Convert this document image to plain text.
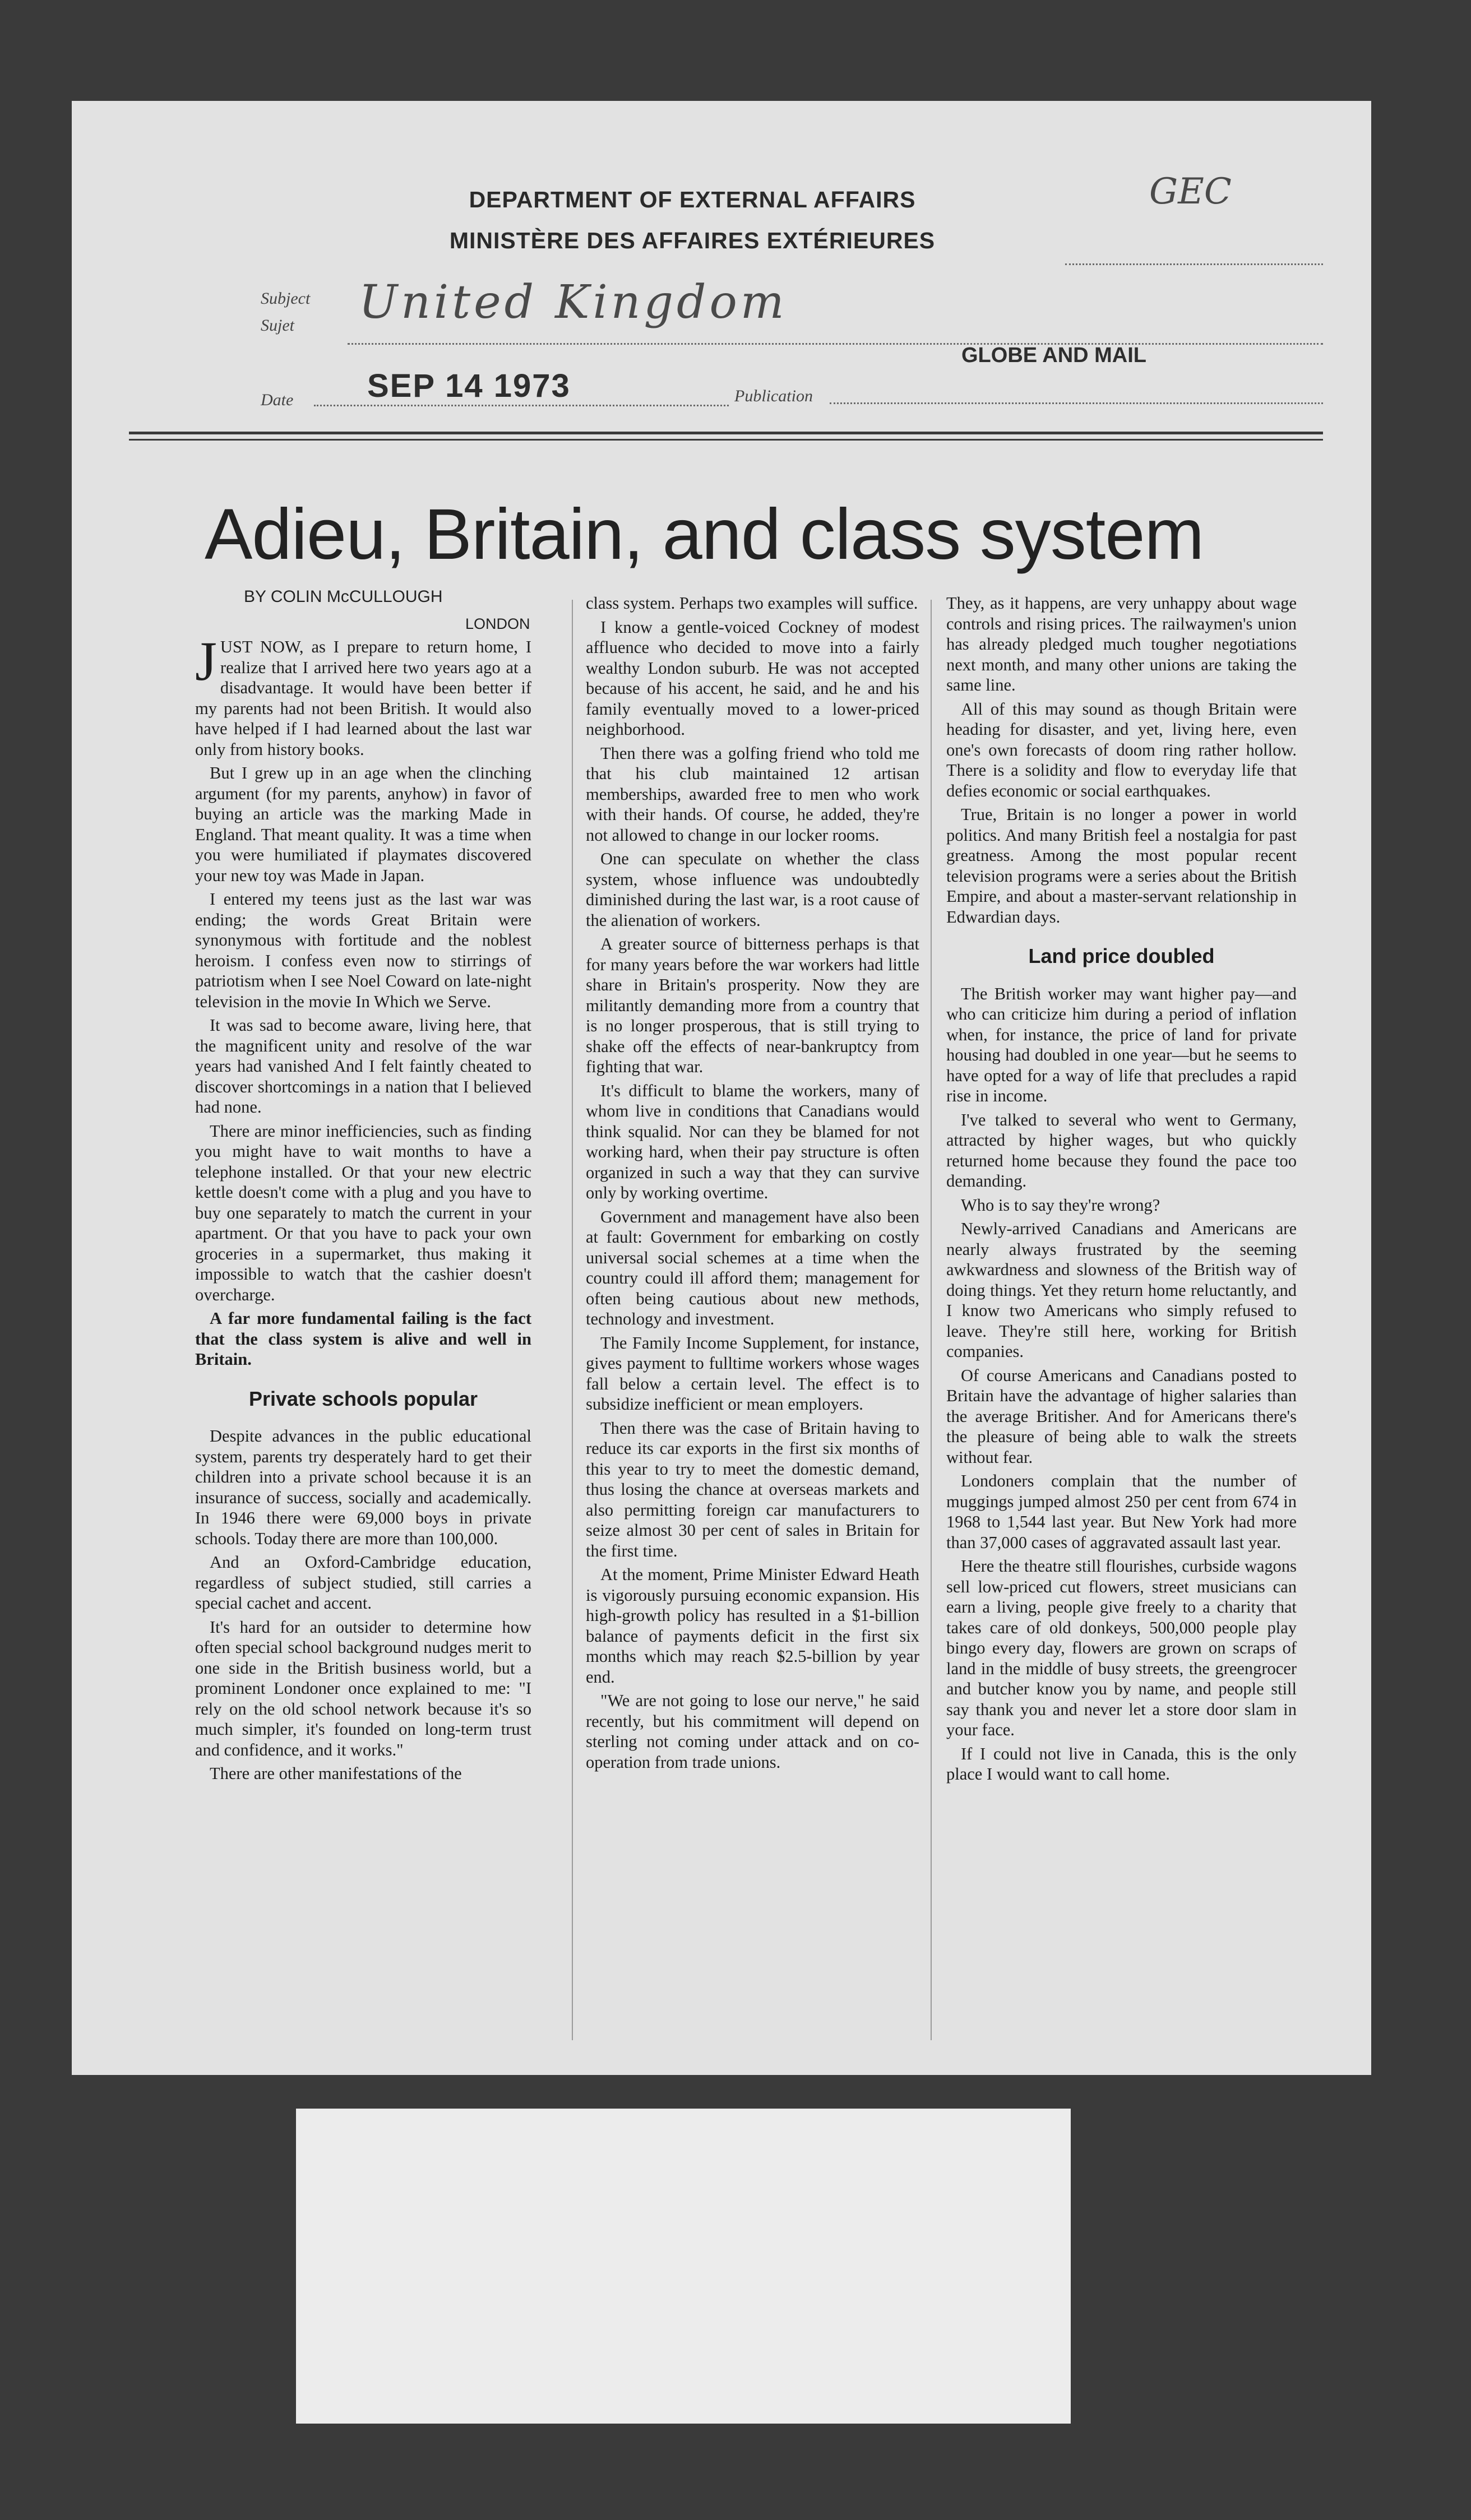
DEPARTMENT OF EXTERNAL AFFAIRS
MINISTÈRE DES AFFAIRES EXTÉRIEURES
GEC
Subject
Sujet United Kingdom
Date SEP 14 1973	Publication
GLOBE AND MAIL
Adieu, Britain, and class system
BY COLIN McCULLOUGH
LONDON

JUST NOW, as I prepare to return home, I realize that I arrived here two years ago at a disadvantage. It would have been better if my parents had not been British. It would also have helped if I had learned about the last war only from history books.

But I grew up in an age when the clinching argument (for my parents, anyhow) in favor of buying an article was the marking Made in England. That meant quality. It was a time when you were humiliated if playmates discovered your new toy was Made in Japan.

I entered my teens just as the last war was ending; the words Great Britain were synonymous with fortitude and the noblest heroism. I confess even now to stirrings of patriotism when I see Noel Coward on late-night television in the movie In Which we Serve.

It was sad to become aware, living here, that the magnificent unity and resolve of the war years had vanished And I felt faintly cheated to discover shortcomings in a nation that I believed had none.

There are minor inefficiencies, such as finding you might have to wait months to have a telephone installed. Or that your new electric kettle doesn't come with a plug and you have to buy one separately to match the current in your apartment. Or that you have to pack your own groceries in a supermarket, thus making it impossible to watch that the cashier doesn't overcharge.

A far more fundamental failing is the fact that the class system is alive and well in Britain.

Private schools popular

Despite advances in the public educational system, parents try desperately hard to get their children into a private school because it is an insurance of success, socially and academically. In 1946 there were 69,000 boys in private schools. Today there are more than 100,000.

And an Oxford-Cambridge education, regardless of subject studied, still carries a special cachet and accent.

It's hard for an outsider to determine how often special school background nudges merit to one side in the British business world, but a prominent Londoner once explained to me: "I rely on the old school network because it's so much simpler, it's founded on long-term trust and confidence, and it works."

There are other manifestations of the

class system. Perhaps two examples will suffice.

I know a gentle-voiced Cockney of modest affluence who decided to move into a fairly wealthy London suburb. He was not accepted because of his accent, he said, and he and his family eventually moved to a lower-priced neighborhood.

Then there was a golfing friend who told me that his club maintained 12 artisan memberships, awarded free to men who work with their hands. Of course, he added, they're not allowed to change in our locker rooms.

One can speculate on whether the class system, whose influence was undoubtedly diminished during the last war, is a root cause of the alienation of workers.

A greater source of bitterness perhaps is that for many years before the war workers had little share in Britain's prosperity. Now they are militantly demanding more from a country that is no longer prosperous, that is still trying to shake off the effects of near-bankruptcy from fighting that war.

It's difficult to blame the workers, many of whom live in conditions that Canadians would think squalid. Nor can they be blamed for not working hard, when their pay structure is often organized in such a way that they can survive only by working overtime.

Government and management have also been at fault: Government for embarking on costly universal social schemes at a time when the country could ill afford them; management for often being cautious about new methods, technology and investment.

The Family Income Supplement, for instance, gives payment to fulltime workers whose wages fall below a certain level. The effect is to subsidize inefficient or mean employers.

Then there was the case of Britain having to reduce its car exports in the first six months of this year to try to meet the domestic demand, thus losing the chance at overseas markets and also permitting foreign car manufacturers to seize almost 30 per cent of sales in Britain for the first time.

At the moment, Prime Minister Edward Heath is vigorously pursuing economic expansion. His high-growth policy has resulted in a $1-billion balance of payments deficit in the first six months which may reach $2.5-billion by year end.

"We are not going to lose our nerve," he said recently, but his commitment will depend on sterling not coming under attack and on co-operation from trade unions.

They, as it happens, are very unhappy about wage controls and rising prices. The railwaymen's union has already pledged much tougher negotiations next month, and many other unions are taking the same line.

All of this may sound as though Britain were heading for disaster, and yet, living here, even one's own forecasts of doom ring rather hollow. There is a solidity and flow to everyday life that defies economic or social earthquakes.

True, Britain is no longer a power in world politics. And many British feel a nostalgia for past greatness. Among the most popular recent television programs were a series about the British Empire, and about a master-servant relationship in Edwardian days.

Land price doubled

The British worker may want higher pay—and who can criticize him during a period of inflation when, for instance, the price of land for private housing had doubled in one year—but he seems to have opted for a way of life that precludes a rapid rise in income.

I've talked to several who went to Germany, attracted by higher wages, but who quickly returned home because they found the pace too demanding.

Who is to say they're wrong?

Newly-arrived Canadians and Americans are nearly always frustrated by the seeming awkwardness and slowness of the British way of doing things. Yet they return home reluctantly, and I know two Americans who simply refused to leave. They're still here, working for British companies.

Of course Americans and Canadians posted to Britain have the advantage of higher salaries than the average Britisher. And for Americans there's the pleasure of being able to walk the streets without fear.

Londoners complain that the number of muggings jumped almost 250 per cent from 674 in 1968 to 1,544 last year. But New York had more than 37,000 cases of aggravated assault last year.

Here the theatre still flourishes, curbside wagons sell low-priced cut flowers, street musicians can earn a living, people give freely to a charity that takes care of old donkeys, 500,000 people play bingo every day, flowers are grown on scraps of land in the middle of busy streets, the greengrocer and butcher know you by name, and people still say thank you and never let a store door slam in your face.

If I could not live in Canada, this is the only place I would want to call home.
